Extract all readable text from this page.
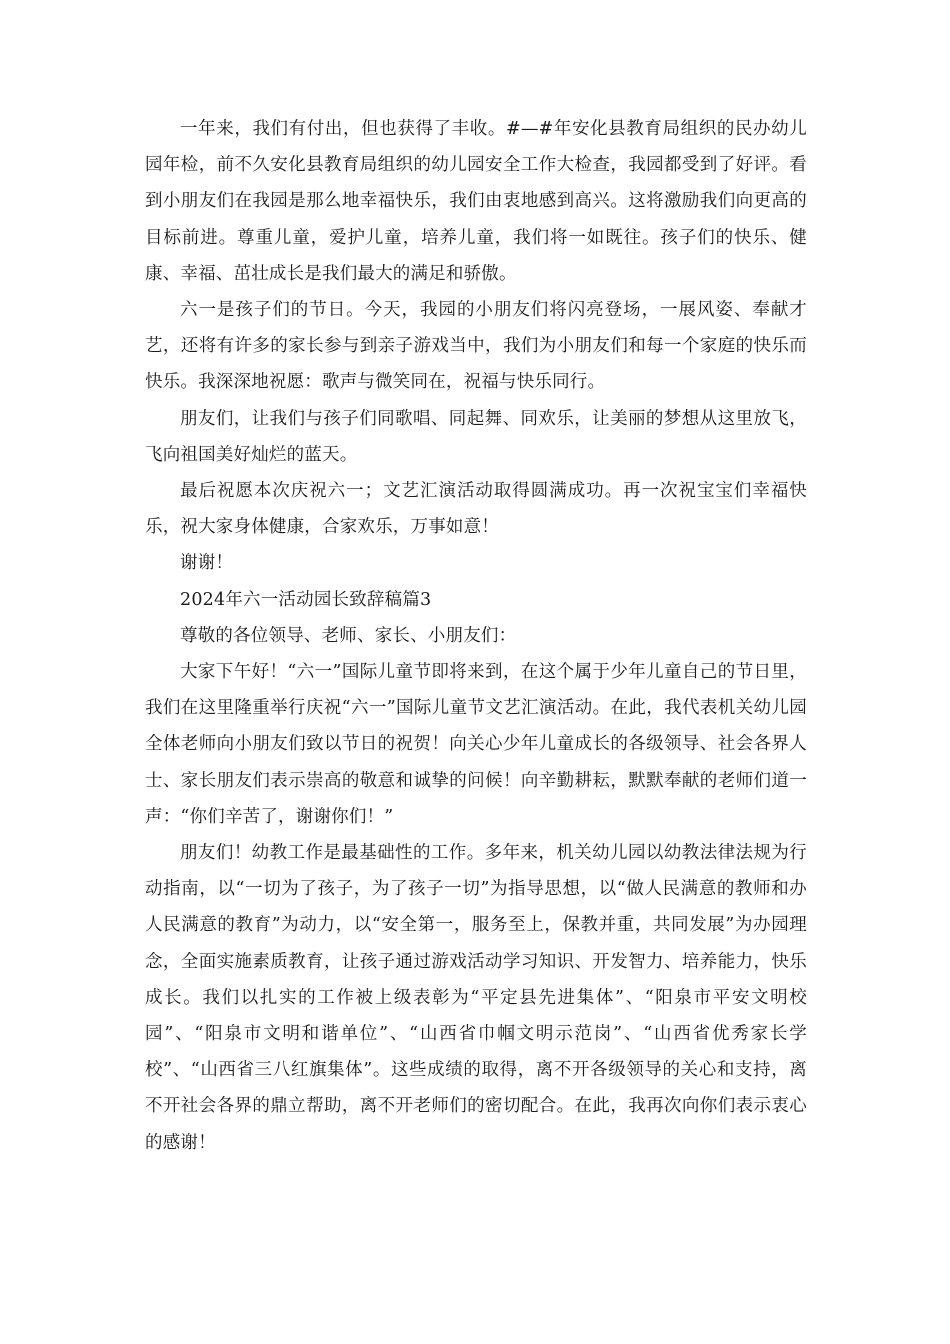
一年来，我们有付出，但也获得了丰收。#—#年安化县教育局组织的民办幼儿园年检，前不久安化县教育局组织的幼儿园安全工作大检查，我园都受到了好评。看到小朋友们在我园是那么地幸福快乐，我们由衷地感到高兴。这将激励我们向更高的目标前进。尊重儿童，爱护儿童，培养儿童，我们将一如既往。孩子们的快乐、健康、幸福、茁壮成长是我们最大的满足和骄傲。

六一是孩子们的节日。今天，我园的小朋友们将闪亮登场，一展风姿、奉献才艺，还将有许多的家长参与到亲子游戏当中，我们为小朋友们和每一个家庭的快乐而快乐。我深深地祝愿：歌声与微笑同在，祝福与快乐同行。

朋友们，让我们与孩子们同歌唱、同起舞、同欢乐，让美丽的梦想从这里放飞，飞向祖国美好灿烂的蓝天。

最后祝愿本次庆祝六一；文艺汇演活动取得圆满成功。再一次祝宝宝们幸福快乐，祝大家身体健康，合家欢乐，万事如意！

谢谢！

2024年六一活动园长致辞稿篇3

尊敬的各位领导、老师、家长、小朋友们：

大家下午好！“六一”国际儿童节即将来到，在这个属于少年儿童自己的节日里，我们在这里隆重举行庆祝“六一”国际儿童节文艺汇演活动。在此，我代表机关幼儿园全体老师向小朋友们致以节日的祝贺！向关心少年儿童成长的各级领导、社会各界人士、家长朋友们表示崇高的敬意和诚挚的问候！向辛勤耕耘，默默奉献的老师们道一声：“你们辛苦了，谢谢你们！”

朋友们！幼教工作是最基础性的工作。多年来，机关幼儿园以幼教法律法规为行动指南，以“一切为了孩子，为了孩子一切”为指导思想，以“做人民满意的教师和办人民满意的教育”为动力，以“安全第一，服务至上，保教并重，共同发展”为办园理念，全面实施素质教育，让孩子通过游戏活动学习知识、开发智力、培养能力，快乐成长。我们以扎实的工作被上级表彰为“平定县先进集体”、“阳泉市平安文明校园”、“阳泉市文明和谐单位”、“山西省巾帼文明示范岗”、“山西省优秀家长学校”、“山西省三八红旗集体”。这些成绩的取得，离不开各级领导的关心和支持，离不开社会各界的鼎立帮助，离不开老师们的密切配合。在此，我再次向你们表示衷心的感谢！
